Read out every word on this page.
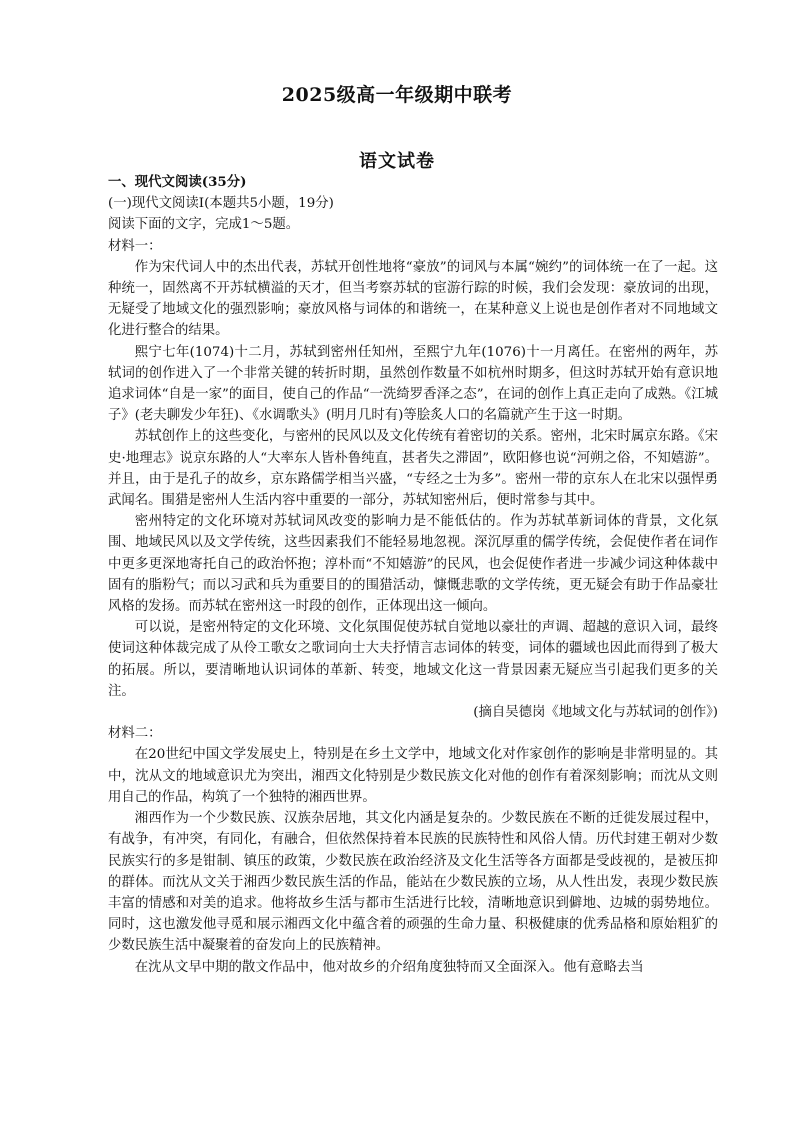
2025级高一年级期中联考
语文试卷

一、现代文阅读(35分)

(一)现代文阅读Ⅰ(本题共5小题，19分)

阅读下面的文字，完成1～5题。

材料一：

作为宋代词人中的杰出代表，苏轼开创性地将“豪放”的词风与本属“婉约”的词体统一在了一起。这种统一，固然离不开苏轼横溢的天才，但当考察苏轼的宦游行踪的时候，我们会发现：豪放词的出现，无疑受了地域文化的强烈影响；豪放风格与词体的和谐统一，在某种意义上说也是创作者对不同地域文化进行整合的结果。

熙宁七年(1074)十二月，苏轼到密州任知州，至熙宁九年(1076)十一月离任。在密州的两年，苏轼词的创作进入了一个非常关键的转折时期，虽然创作数量不如杭州时期多，但这时苏轼开始有意识地追求词体“自是一家”的面目，使自己的作品“一洗绮罗香泽之态”，在词的创作上真正走向了成熟。《江城子》(老夫聊发少年狂)、《水调歌头》(明月几时有)等脍炙人口的名篇就产生于这一时期。

苏轼创作上的这些变化，与密州的民风以及文化传统有着密切的关系。密州，北宋时属京东路。《宋史·地理志》说京东路的人“大率东人皆朴鲁纯直，甚者失之滞固”，欧阳修也说“河朔之俗，不知嬉游”。并且，由于是孔子的故乡，京东路儒学相当兴盛，“专经之士为多”。密州一带的京东人在北宋以强悍勇武闻名。围猎是密州人生活内容中重要的一部分，苏轼知密州后，便时常参与其中。

密州特定的文化环境对苏轼词风改变的影响力是不能低估的。作为苏轼革新词体的背景，文化氛围、地域民风以及文学传统，这些因素我们不能轻易地忽视。深沉厚重的儒学传统，会促使作者在词作中更多更深地寄托自己的政治怀抱；淳朴而“不知嬉游”的民风，也会促使作者进一步减少词这种体裁中固有的脂粉气；而以习武和兵为重要目的的围猎活动，慷慨悲歌的文学传统，更无疑会有助于作品豪壮风格的发扬。而苏轼在密州这一时段的创作，正体现出这一倾向。

可以说，是密州特定的文化环境、文化氛围促使苏轼自觉地以豪壮的声调、超越的意识入词，最终使词这种体裁完成了从伶工歌女之歌词向士大夫抒情言志词体的转变，词体的疆域也因此而得到了极大的拓展。所以，要清晰地认识词体的革新、转变，地域文化这一背景因素无疑应当引起我们更多的关注。

(摘自吴德岗《地域文化与苏轼词的创作》)

材料二：

在20世纪中国文学发展史上，特别是在乡土文学中，地域文化对作家创作的影响是非常明显的。其中，沈从文的地域意识尤为突出，湘西文化特别是少数民族文化对他的创作有着深刻影响；而沈从文则用自己的作品，构筑了一个独特的湘西世界。

湘西作为一个少数民族、汉族杂居地，其文化内涵是复杂的。少数民族在不断的迁徙发展过程中，有战争，有冲突，有同化，有融合，但依然保持着本民族的民族特性和风俗人情。历代封建王朝对少数民族实行的多是钳制、镇压的政策，少数民族在政治经济及文化生活等各方面都是受歧视的，是被压抑的群体。而沈从文关于湘西少数民族生活的作品，能站在少数民族的立场，从人性出发，表现少数民族丰富的情感和对美的追求。他将故乡生活与都市生活进行比较，清晰地意识到僻地、边城的弱势地位。同时，这也激发他寻觅和展示湘西文化中蕴含着的顽强的生命力量、积极健康的优秀品格和原始粗犷的少数民族生活中凝聚着的奋发向上的民族精神。

在沈从文早中期的散文作品中，他对故乡的介绍角度独特而又全面深入。他有意略去当
